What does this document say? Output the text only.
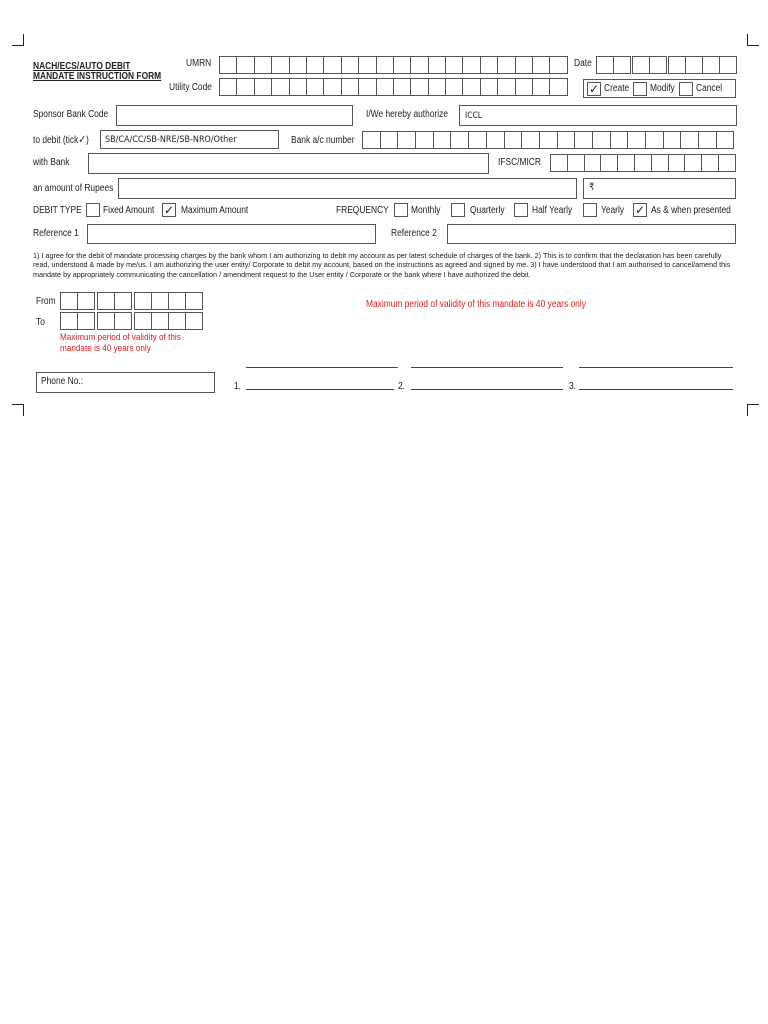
NACH/ECS/AUTO DEBIT
MANDATE INSTRUCTION FORM
UMRN	Date
Utility Code	✓ Create Modify Cancel
Sponsor Bank Code	I/We hereby authorize ICCL
to debit (tick✓) SB/CA/CC/SB-NRE/SB-NRO/Other	Bank a/c number
with Bank	IFSC/MICR
an amount of Rupees	₹
DEBIT TYPE Fixed Amount ✓ Maximum Amount	FREQUENCY Monthly	Quarterly	Half Yearly	Yearly ✓ As & when presented
Reference 1	Reference 2
1) I agree for the debit of mandate processing charges by the bank whom I am authorizing to debit my account as per latest schedule of charges of the bank. 2) This is to confirm that the declaration has been carefully read, understood & made by me/us. I am authorizing the user entity/ Corporate to debit my account, based on the instructions as agreed and signed by me. 3) I have understood that I am authorised to cancel/amend this mandate by appropriately communicating the cancellation / amendment request to the User entity / Corporate or the bank where I have authorized the debit.
From
To
Maximum period of validity of this
mandate is 40 years only
Maximum period of validity of this mandate is 40 years only
Phone No.:	1.	2.	3.
